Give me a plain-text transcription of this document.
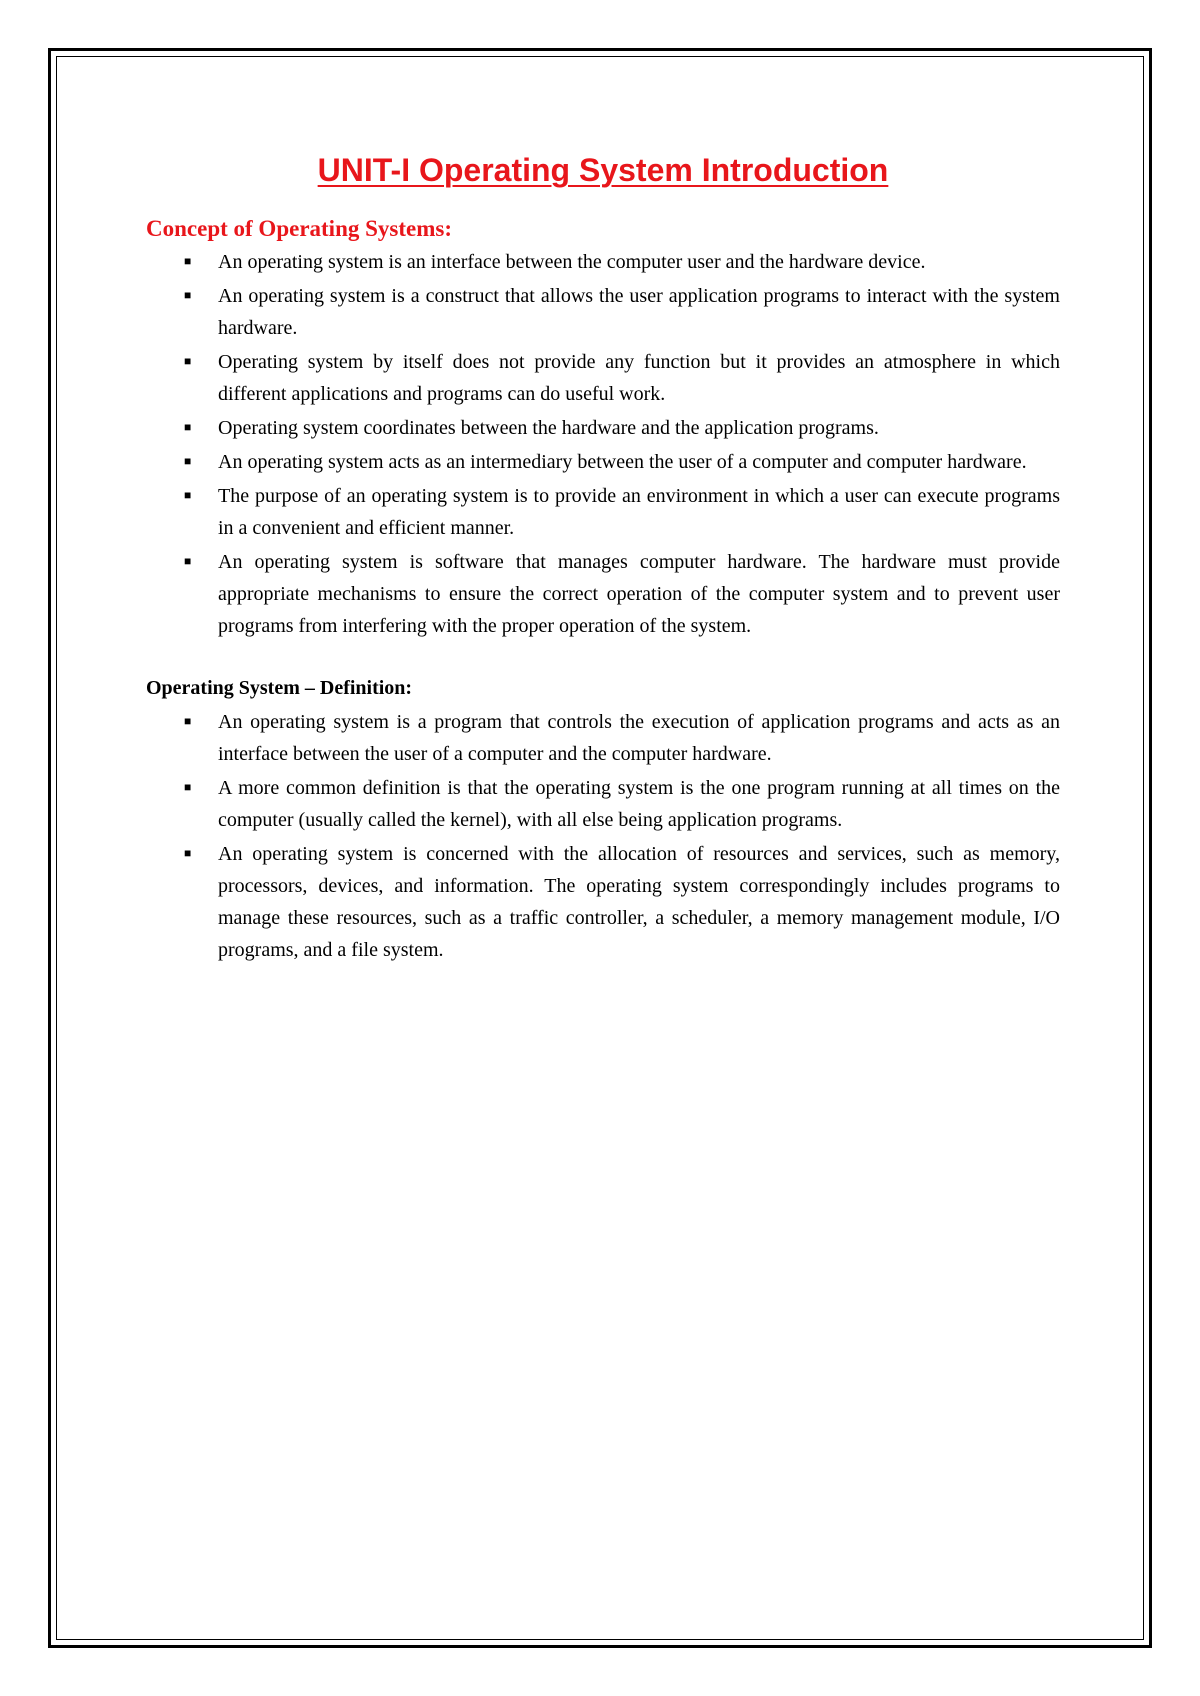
UNIT-I Operating System Introduction
Concept of Operating Systems:
■ An operating system is an interface between the computer user and the hardware device.
■ An operating system is a construct that allows the user application programs to interact with the system hardware.
■ Operating system by itself does not provide any function but it provides an atmosphere in which different applications and programs can do useful work.
■ Operating system coordinates between the hardware and the application programs.
■ An operating system acts as an intermediary between the user of a computer and computer hardware.
■ The purpose of an operating system is to provide an environment in which a user can execute programs in a convenient and efficient manner.
■ An operating system is software that manages computer hardware. The hardware must provide appropriate mechanisms to ensure the correct operation of the computer system and to prevent user programs from interfering with the proper operation of the system.
Operating System – Definition:
■ An operating system is a program that controls the execution of application programs and acts as an interface between the user of a computer and the computer hardware.
■ A more common definition is that the operating system is the one program running at all times on the computer (usually called the kernel), with all else being application programs.
■ An operating system is concerned with the allocation of resources and services, such as memory, processors, devices, and information. The operating system correspondingly includes programs to manage these resources, such as a traffic controller, a scheduler, a memory management module, I/O programs, and a file system.
